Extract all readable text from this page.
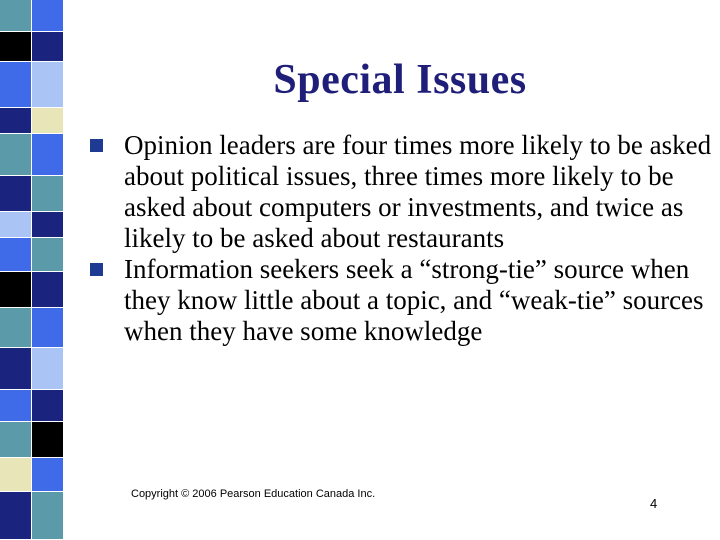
Special Issues
Opinion leaders are four times more likely to be asked about political issues, three times more likely to be asked about computers or investments, and twice as likely to be asked about restaurants
Information seekers seek a “strong-tie” source when they know little about a topic, and “weak-tie” sources when they have some knowledge
Copyright © 2006 Pearson Education Canada Inc.
4
